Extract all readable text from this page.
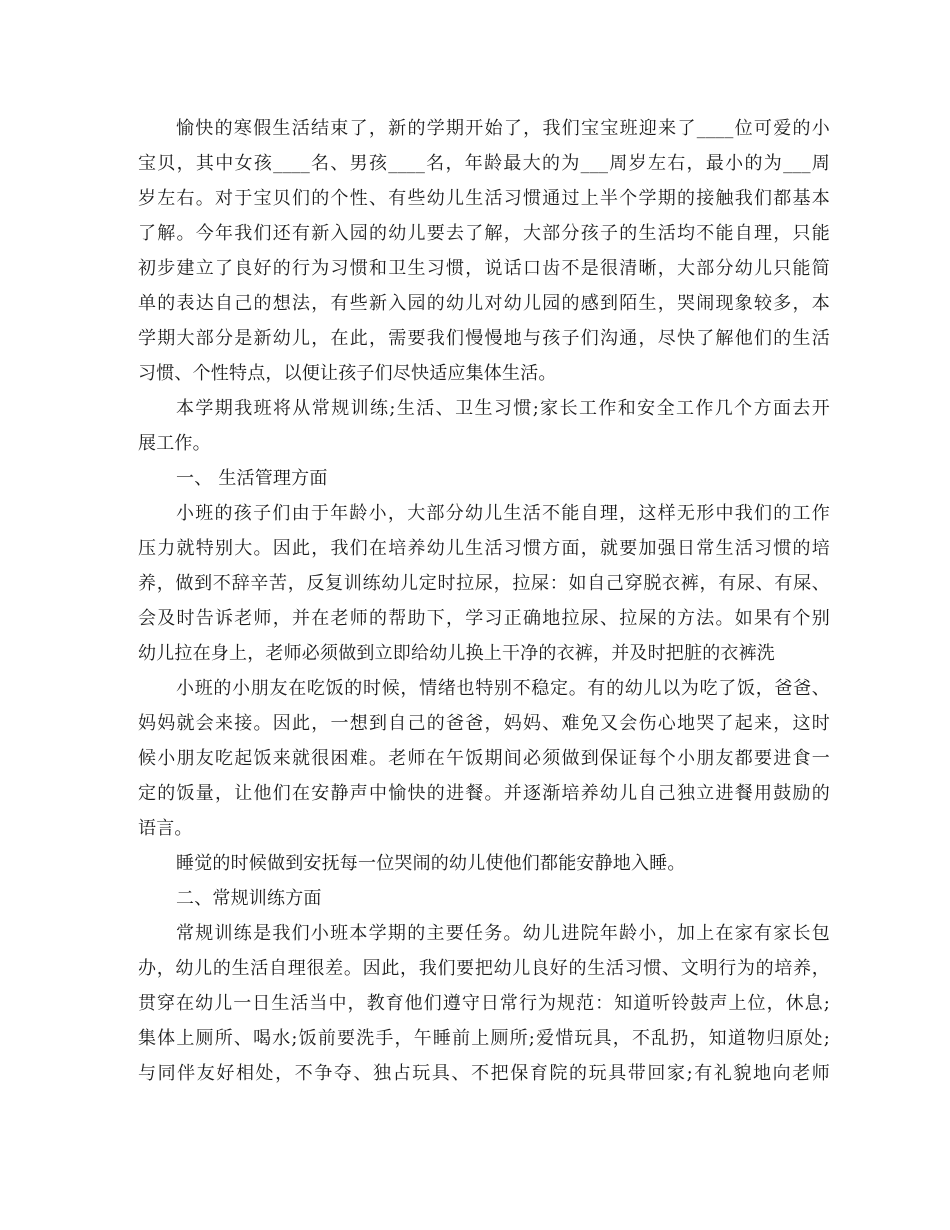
愉快的寒假生活结束了，新的学期开始了，我们宝宝班迎来了____位可爱的小
宝贝，其中女孩____名、男孩____名，年龄最大的为___周岁左右，最小的为___周
岁左右。对于宝贝们的个性、有些幼儿生活习惯通过上半个学期的接触我们都基本
了解。今年我们还有新入园的幼儿要去了解，大部分孩子的生活均不能自理，只能
初步建立了良好的行为习惯和卫生习惯，说话口齿不是很清晰，大部分幼儿只能简
单的表达自己的想法，有些新入园的幼儿对幼儿园的感到陌生，哭闹现象较多，本
学期大部分是新幼儿，在此，需要我们慢慢地与孩子们沟通，尽快了解他们的生活
习惯、个性特点，以便让孩子们尽快适应集体生活。
本学期我班将从常规训练;生活、卫生习惯;家长工作和安全工作几个方面去开
展工作。
一、 生活管理方面
小班的孩子们由于年龄小，大部分幼儿生活不能自理，这样无形中我们的工作
压力就特别大。因此，我们在培养幼儿生活习惯方面，就要加强日常生活习惯的培
养，做到不辞辛苦，反复训练幼儿定时拉尿，拉屎：如自己穿脱衣裤，有尿、有屎、
会及时告诉老师，并在老师的帮助下，学习正确地拉尿、拉屎的方法。如果有个别
幼儿拉在身上，老师必须做到立即给幼儿换上干净的衣裤，并及时把脏的衣裤洗
小班的小朋友在吃饭的时候，情绪也特别不稳定。有的幼儿以为吃了饭，爸爸、
妈妈就会来接。因此，一想到自己的爸爸，妈妈、难免又会伤心地哭了起来，这时
候小朋友吃起饭来就很困难。老师在午饭期间必须做到保证每个小朋友都要进食一
定的饭量，让他们在安静声中愉快的进餐。并逐渐培养幼儿自己独立进餐用鼓励的
语言。
睡觉的时候做到安抚每一位哭闹的幼儿使他们都能安静地入睡。
二、常规训练方面
常规训练是我们小班本学期的主要任务。幼儿进院年龄小，加上在家有家长包
办，幼儿的生活自理很差。因此，我们要把幼儿良好的生活习惯、文明行为的培养，
贯穿在幼儿一日生活当中，教育他们遵守日常行为规范：知道听铃鼓声上位，休息;
集体上厕所、喝水;饭前要洗手，午睡前上厕所;爱惜玩具，不乱扔，知道物归原处;
与同伴友好相处，不争夺、独占玩具、不把保育院的玩具带回家;有礼貌地向老师
